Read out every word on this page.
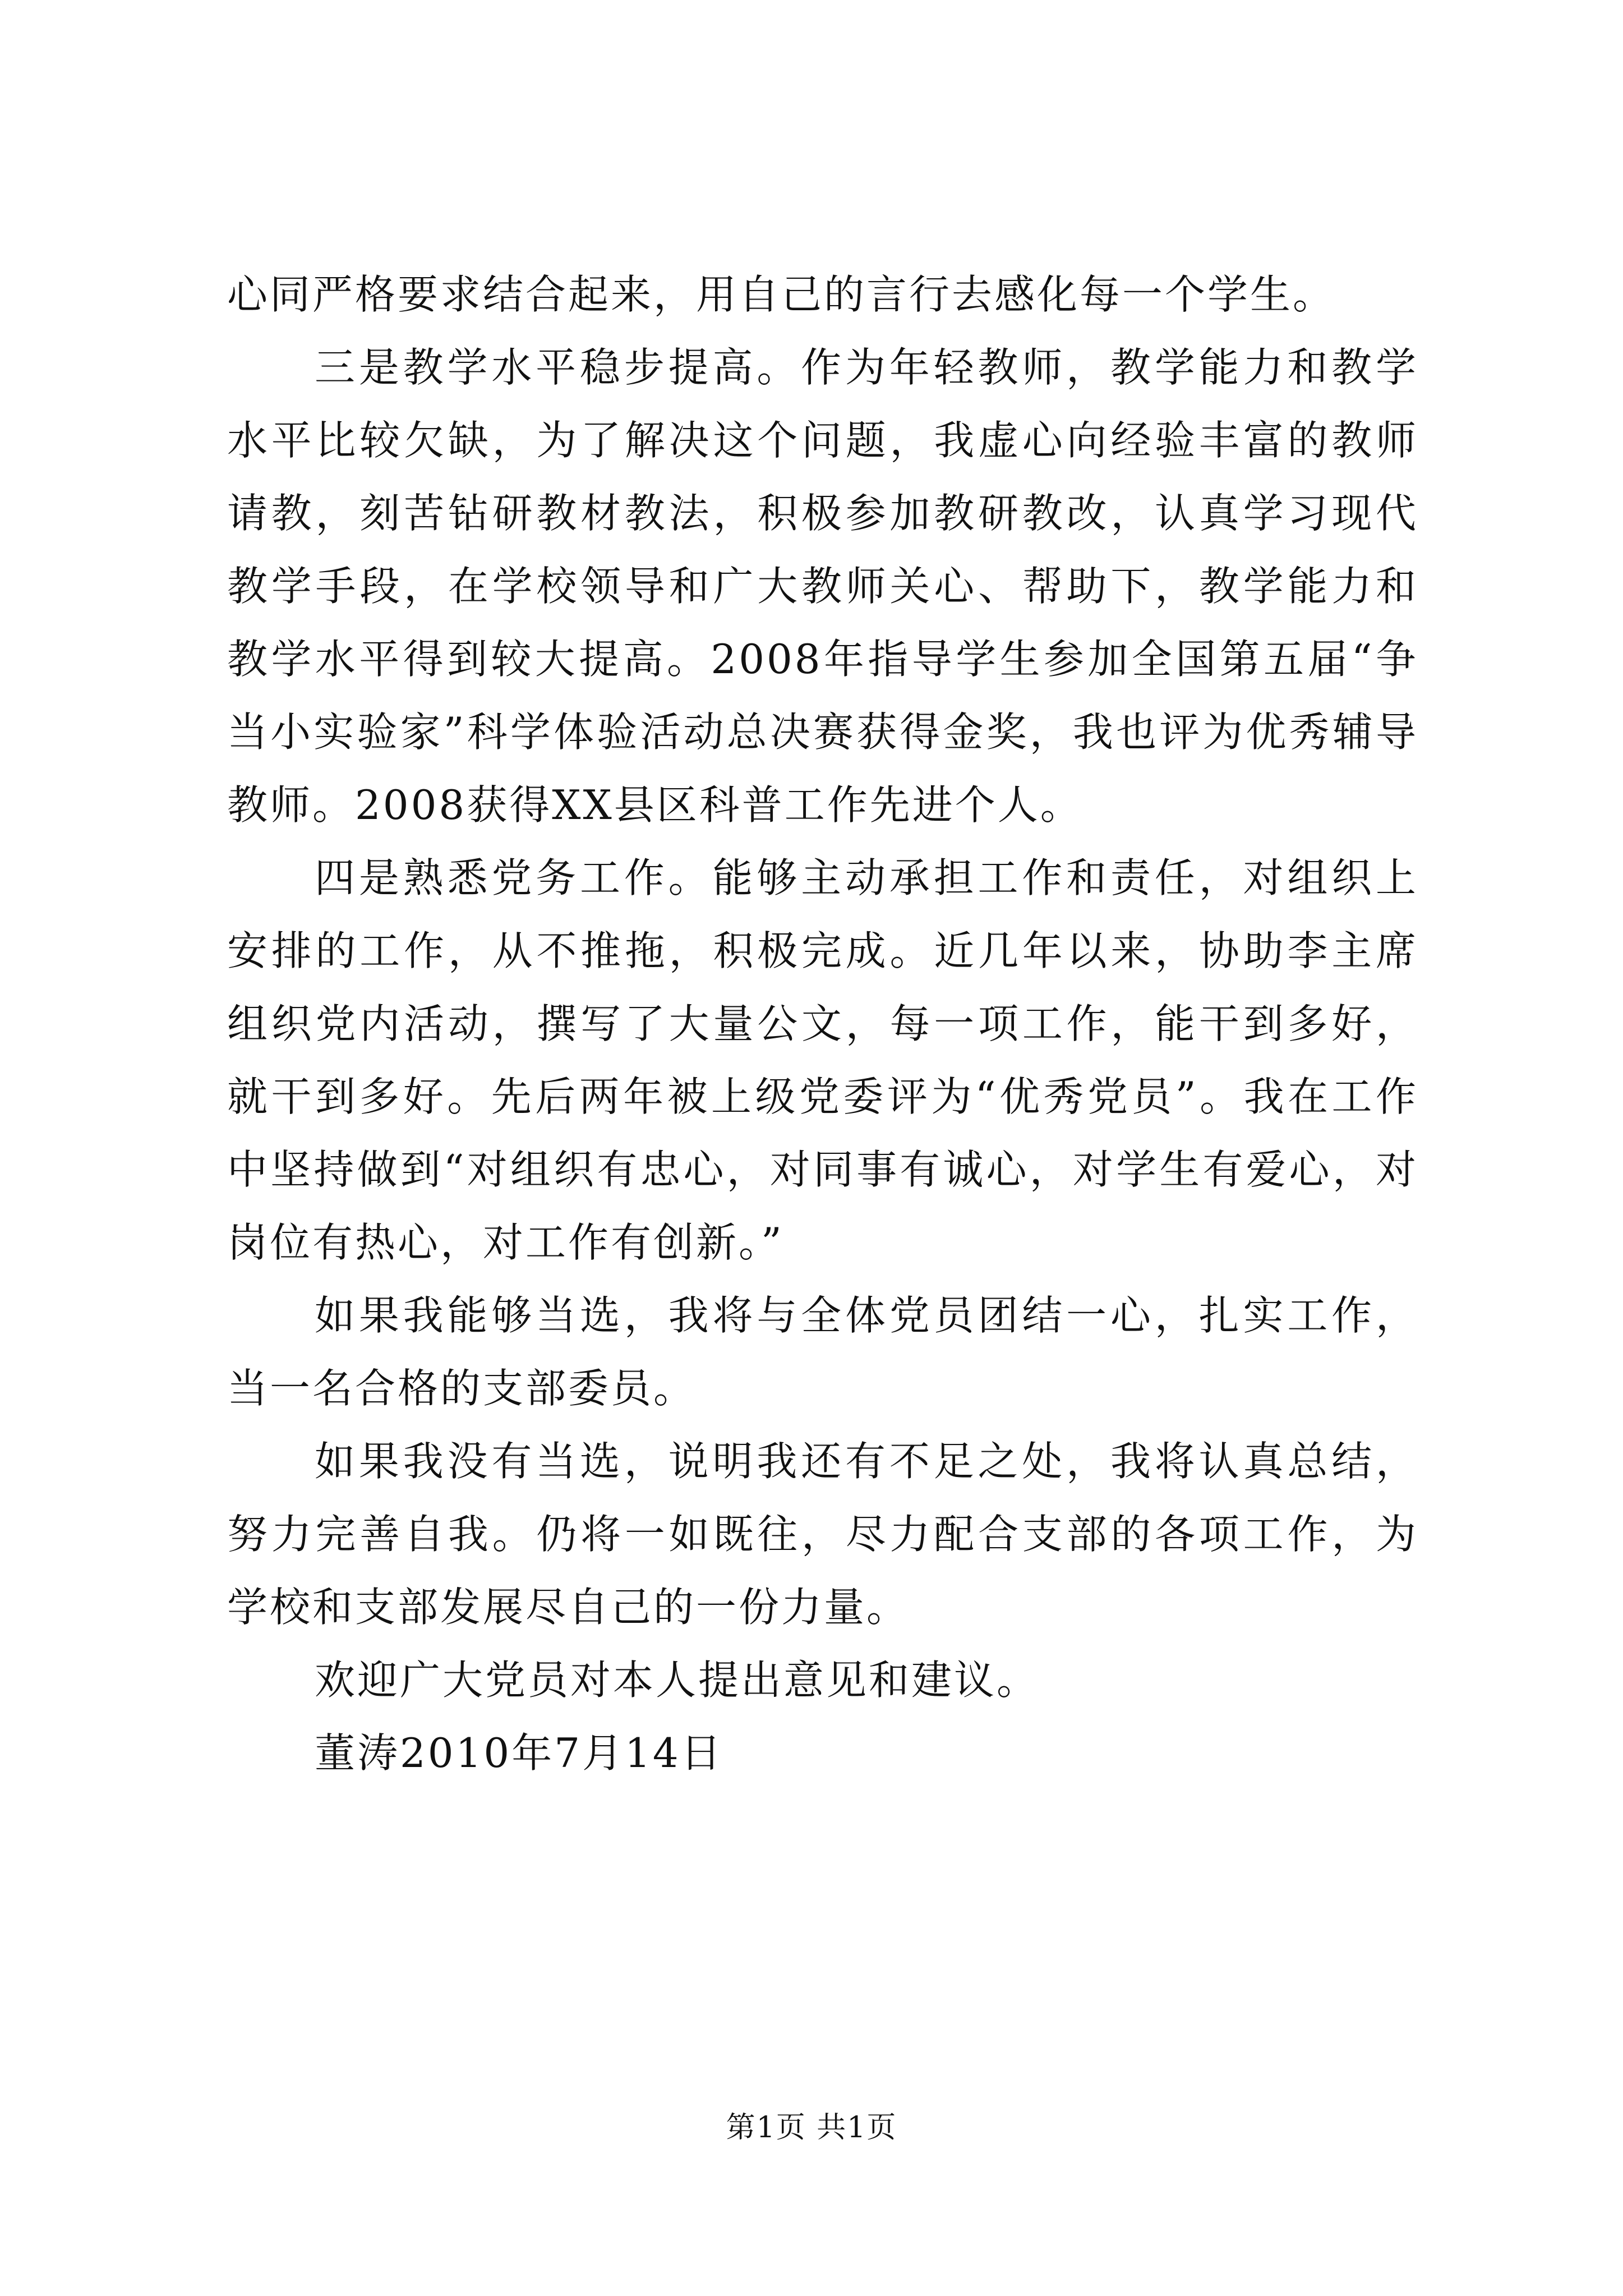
心同严格要求结合起来，用自己的言行去感化每一个学生。

三是教学水平稳步提高。作为年轻教师，教学能力和教学水平比较欠缺，为了解决这个问题，我虚心向经验丰富的教师请教，刻苦钻研教材教法，积极参加教研教改，认真学习现代教学手段，在学校领导和广大教师关心、帮助下，教学能力和教学水平得到较大提高。2008年指导学生参加全国第五届“争当小实验家”科学体验活动总决赛获得金奖，我也评为优秀辅导教师。2008获得XX县区科普工作先进个人。

四是熟悉党务工作。能够主动承担工作和责任，对组织上安排的工作，从不推拖，积极完成。近几年以来，协助李主席组织党内活动，撰写了大量公文，每一项工作，能干到多好，就干到多好。先后两年被上级党委评为“优秀党员”。我在工作中坚持做到“对组织有忠心，对同事有诚心，对学生有爱心，对岗位有热心，对工作有创新。”

如果我能够当选，我将与全体党员团结一心，扎实工作，当一名合格的支部委员。

如果我没有当选，说明我还有不足之处，我将认真总结，努力完善自我。仍将一如既往，尽力配合支部的各项工作，为学校和支部发展尽自己的一份力量。

欢迎广大党员对本人提出意见和建议。

董涛2010年7月14日

第1页 共1页
